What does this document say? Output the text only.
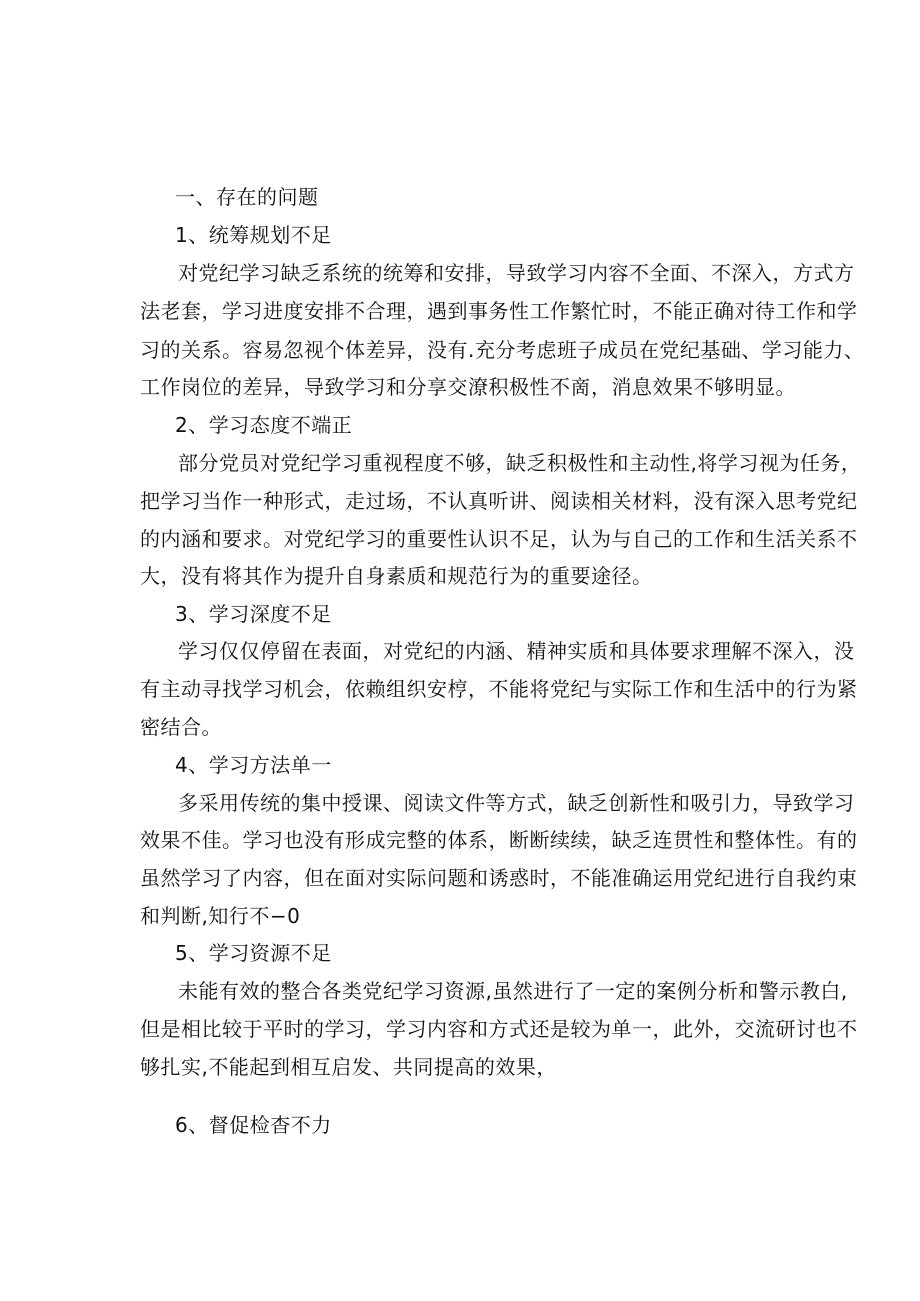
一、存在的问题
1、统筹规划不足
对党纪学习缺乏系统的统筹和安排，导致学习内容不全面、不深入，方式方
法老套，学习进度安排不合理，遇到事务性工作繁忙时，不能正确对待工作和学
习的关系。容易忽视个体差异，没有.充分考虑班子成员在党纪基础、学习能力、
工作岗位的差异，导致学习和分享交潦积极性不啇，消息效果不够明显。
2、学习态度不端正
部分党员对党纪学习重视程度不够，缺乏积极性和主动性,将学习视为任务，
把学习当作一种形式，走过场，不认真听讲、阅读相关材料，没有深入思考党纪
的内涵和要求。对党纪学习的重要性认识不足，认为与自己的工作和生活关系不
大，没有将其作为提升自身素质和规范行为的重要途径。
3、学习深度不足
学习仅仅停留在表面，对党纪的内涵、精神实质和具体要求理解不深入，没
有主动寻找学习机会，依赖组织安梈，不能将党纪与实际工作和生活中的行为紧
密结合。
4、学习方法单一
多采用传统的集中授课、阅读文件等方式，缺乏创新性和吸引力，导致学习
效果不佳。学习也没有形成完整的体系，断断续续，缺乏连贯性和整体性。有的
虽然学习了内容，但在面对实际问题和诱惑时，不能准确运用党纪进行自我约束
和判断,知行不−0
5、学习资源不足
未能有效的整合各类党纪学习资源,虽然进行了一定的案例分析和警示教白,
但是相比较于平时的学习，学习内容和方式还是较为单一，此外，交流研讨也不
够扎实,不能起到相互启发、共同提高的效果，
6、督促检杳不力
